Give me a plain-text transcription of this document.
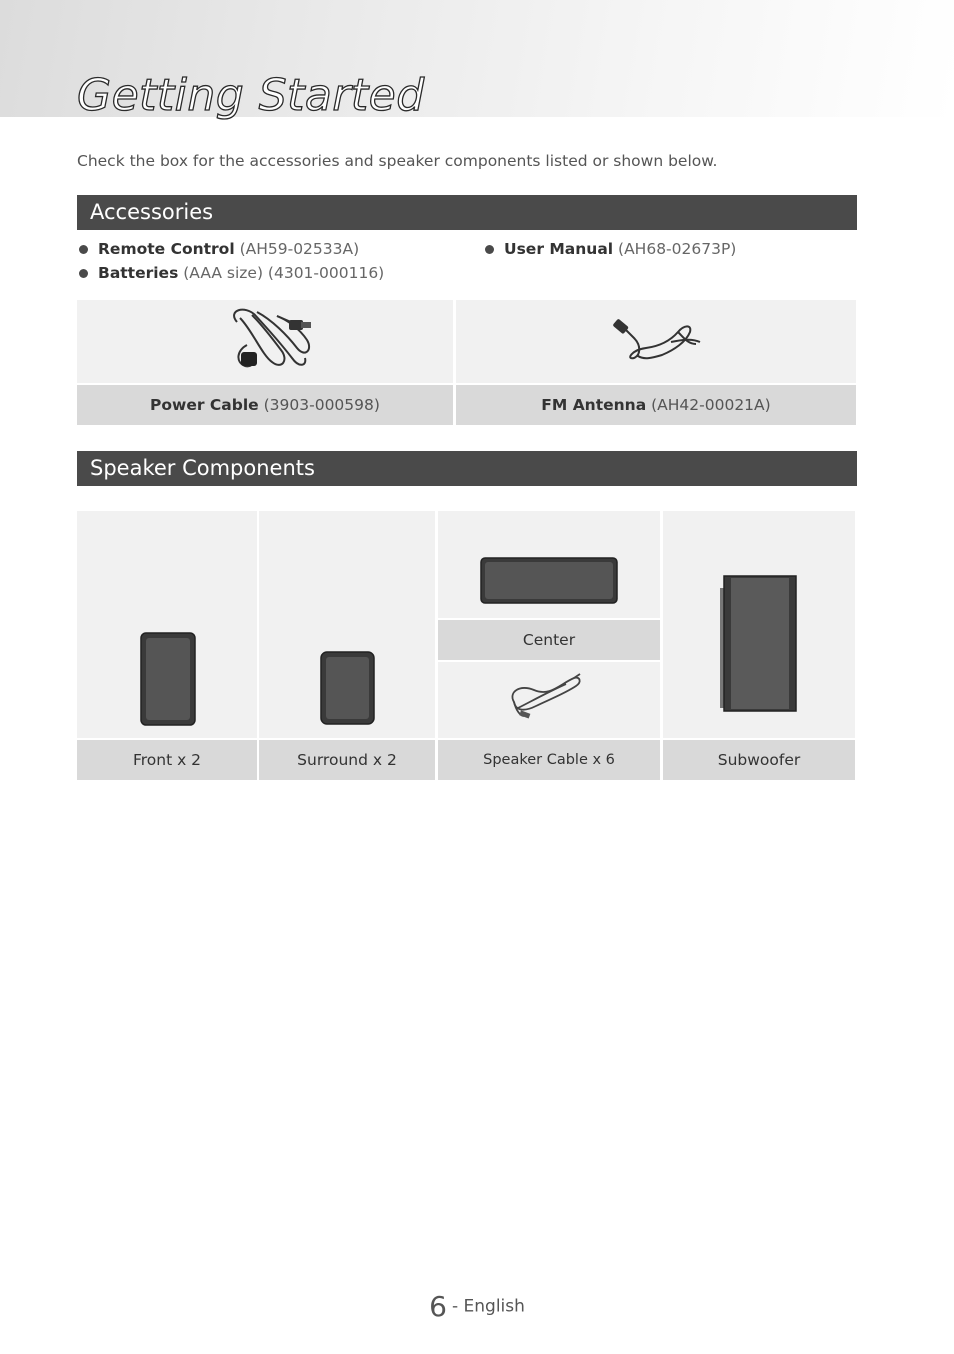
Getting Started

Check the box for the accessories and speaker components listed or shown below.

Accessories
Remote Control (AH59-02533A)
Batteries (AAA size) (4301-000116)
User Manual (AH68-02673P)
Power Cable (3903-000598)	FM Antenna (AH42-00021A)
Speaker Components
Center
Front x 2	Surround x 2	Speaker Cable x 6	Subwoofer
6 - English
